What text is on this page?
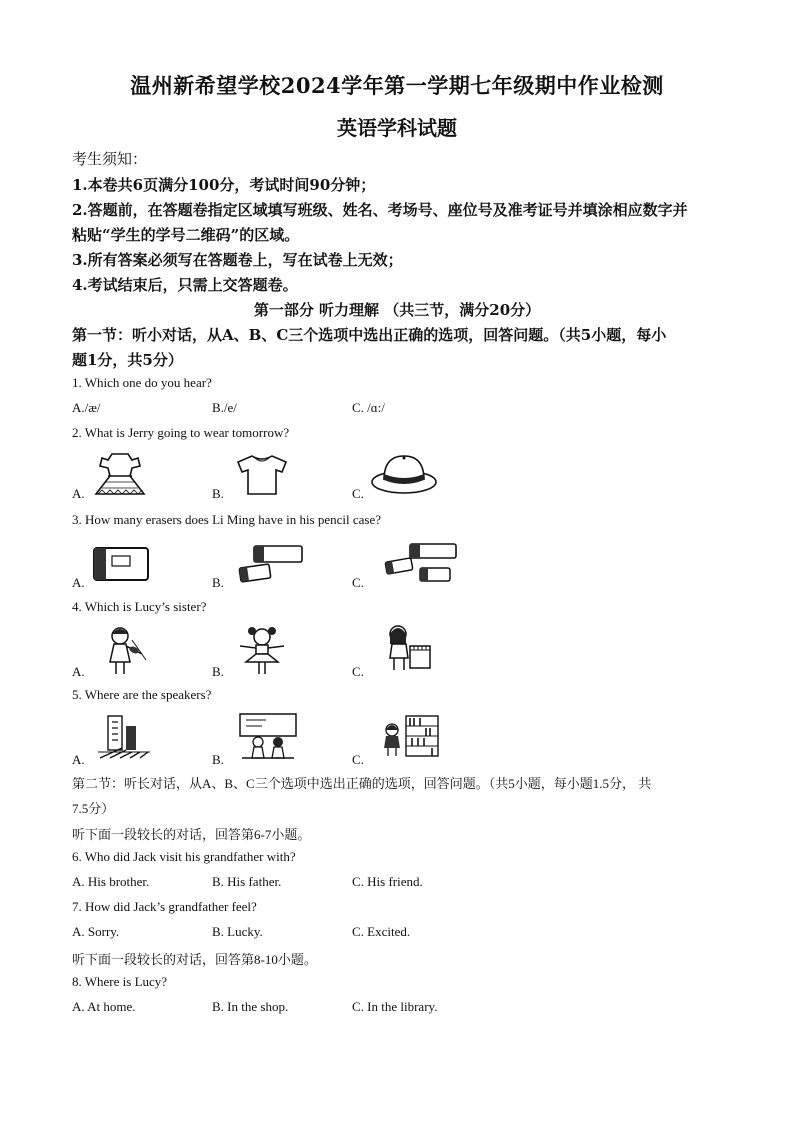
温州新希望学校2024学年第一学期七年级期中作业检测
英语学科试题
考生须知：
1.本卷共6页满分100分，考试时间90分钟；
2.答题前，在答题卷指定区域填写班级、姓名、考场号、座位号及准考证号并填涂相应数字并
粘贴“学生的学号二维码”的区域。
3.所有答案必须写在答题卷上，写在试卷上无效；
4.考试结束后，只需上交答题卷。
第一部分 听力理解 （共三节，满分20分）
第一节：听小对话，从A、B、C三个选项中选出正确的选项，回答问题。（共5小题，每小
题1分，共5分）
1. Which one do you hear?
A./æ/	B./e/	C. /ɑ:/
2. What is Jerry going to wear tomorrow?
A.	B.	C.
3. How many erasers does Li Ming have in his pencil case?
A.	B.	C.
4. Which is Lucy’s sister?
A.	B.	C.
5. Where are the speakers?
A.	B.	C.
第二节：听长对话，从A、B、C三个选项中选出正确的选项，回答问题。（共5小题，每小题1.5分， 共
7.5分）
听下面一段较长的对话，回答第6-7小题。
6. Who did Jack visit his grandfather with?
A. His brother.	B. His father.	C. His friend.
7. How did Jack’s grandfather feel?
A. Sorry.	B. Lucky.	C. Excited.
听下面一段较长的对话，回答第8-10小题。
8. Where is Lucy?
A. At home.	B. In the shop.	C. In the library.
